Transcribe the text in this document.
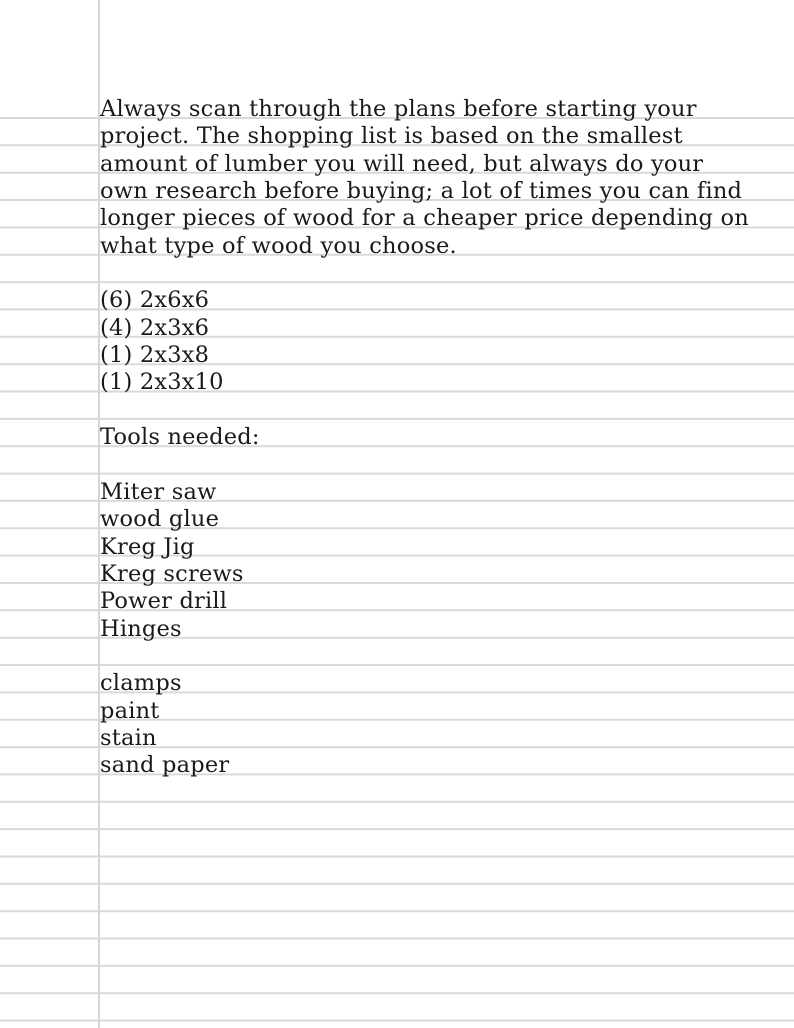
Always scan through the plans before starting your
project. The shopping list is based on the smallest
amount of lumber you will need, but always do your
own research before buying; a lot of times you can find
longer pieces of wood for a cheaper price depending on
what type of wood you choose.
(6) 2x6x6
(4) 2x3x6
(1) 2x3x8
(1) 2x3x10
Tools needed:
Miter saw
wood glue
Kreg Jig
Kreg screws
Power drill
Hinges
clamps
paint
stain
sand paper
